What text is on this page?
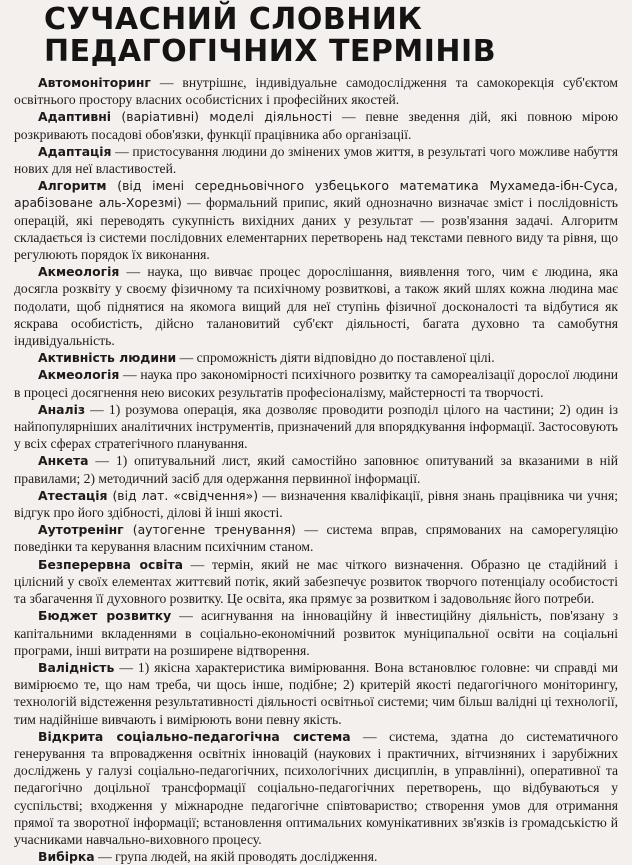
СУЧАСНИЙ СЛОВНИК
ПЕДАГОГІЧНИХ ТЕРМІНІВ

Автомоніторинг — внутрішнє, індивідуальне самодослідження та самокорекція суб'єктом освітнього простору власних особистісних і професійних якостей.

Адаптивні (варіативні) моделі діяльності — певне зведення дій, які повною мірою розкривають посадові обов'язки, функції працівника або організації.

Адаптація — пристосування людини до змінених умов життя, в результаті чого можливе набуття нових для неї властивостей.

Алгоритм (від імені середньовічного узбецького математика Мухамеда-ібн-Суса, арабізоване аль-Хорезмі) — формальний припис, який однозначно визначає зміст і послідовність операцій, які переводять сукупність вихідних даних у результат — розв'язання задачі. Алгоритм складається із системи послідовних елементарних перетворень над текстами певного виду та рівня, що регулюють порядок їх виконання.

Акмеологія — наука, що вивчає процес дорослішання, виявлення того, чим є людина, яка досягла розквіту у своєму фізичному та психічному розвиткові, а також який шлях кожна людина має подолати, щоб піднятися на якомога вищий для неї ступінь фізичної досконалості та відбутися як яскрава особистість, дійсно талановитий суб'єкт діяльності, багата духовно та самобутня індивідуальність.

Активність людини — спроможність діяти відповідно до поставленої цілі.

Акмеологія — наука про закономірності психічного розвитку та самореалізації дорослої людини в процесі досягнення нею високих результатів професіоналізму, майстерності та творчості.

Аналіз — 1) розумова операція, яка дозволяє проводити розподіл цілого на частини; 2) один із найпопулярніших аналітичних інструментів, призначений для впорядкування інформації. Застосовують у всіх сферах стратегічного планування.

Анкета — 1) опитувальний лист, який самостійно заповнює опитуваний за вказаними в ній правилами; 2) методичний засіб для одержання первинної інформації.

Атестація (від лат. «свідчення») — визначення кваліфікації, рівня знань працівника чи учня; відгук про його здібності, ділові й інші якості.

Аутотренінг (аутогенне тренування) — система вправ, спрямованих на саморегуляцію поведінки та керування власним психічним станом.

Безперервна освіта — термін, який не має чіткого визначення. Образно це стадійний і цілісний у своїх елементах життєвий потік, який забезпечує розвиток творчого потенціалу особистості та збагачення її духовного розвитку. Це освіта, яка прямує за розвитком і задовольняє його потреби.

Бюджет розвитку — асигнування на інноваційну й інвестиційну діяльність, пов'язану з капітальними вкладеннями в соціально-економічний розвиток муніципальної освіти на соціальні програми, інші витрати на розширене відтворення.

Валідність — 1) якісна характеристика вимірювання. Вона встановлює головне: чи справді ми вимірюємо те, що нам треба, чи щось інше, подібне; 2) критерій якості педагогічного моніторингу, технологій відстеження результативності діяльності освітньої системи; чим більш валідні ці технології, тим надійніше вивчають і вимірюють вони певну якість.

Відкрита соціально-педагогічна система — система, здатна до систематичного генерування та впровадження освітніх інновацій (наукових і практичних, вітчизняних і зарубіжних досліджень у галузі соціально-педагогічних, психологічних дисциплін, в управлінні), оперативної та педагогічно доцільної трансформації соціально-педагогічних перетворень, що відбуваються у суспільстві; входження у міжнародне педагогічне співтовариство; створення умов для отримання прямої та зворотної інформації; встановлення оптимальних комунікативних зв'язків із громадськістю й учасниками навчально-виховного процесу.

Вибірка — група людей, на якій проводять дослідження.
